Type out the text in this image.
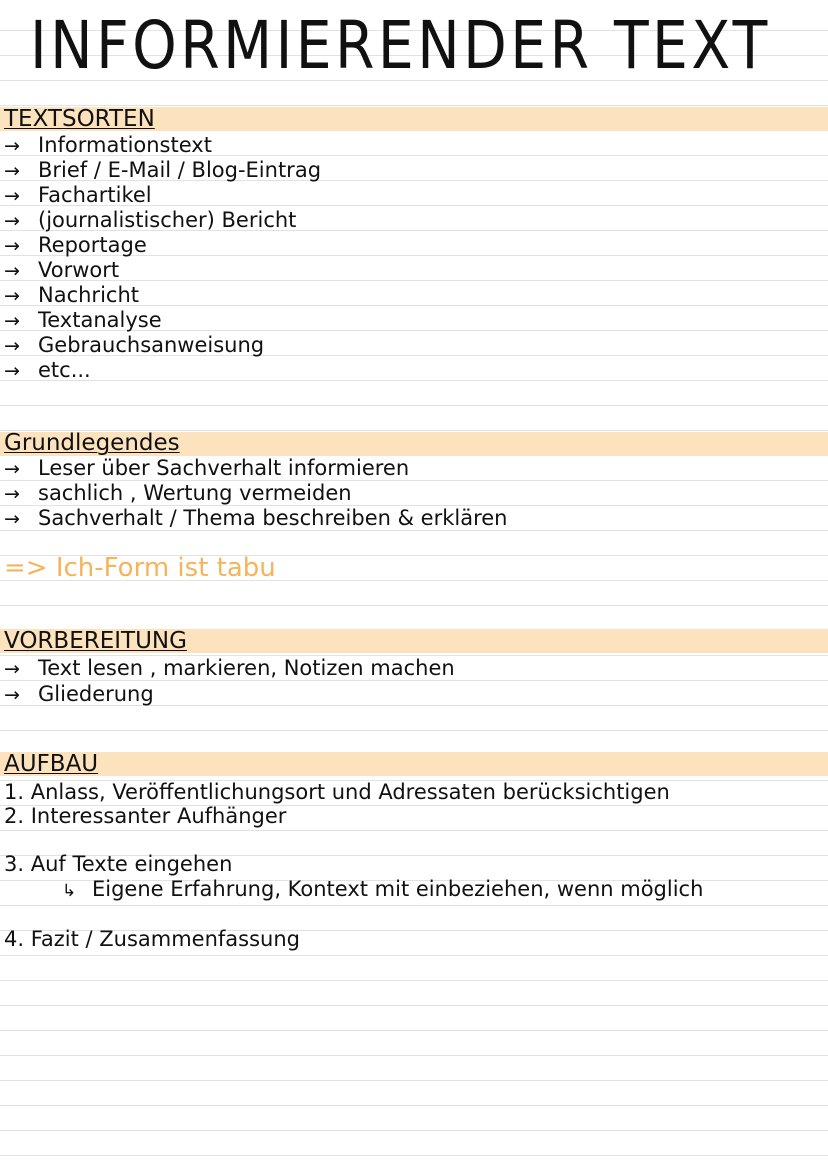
INFORMIERENDER TEXT
TEXTSORTEN
→ Informationstext
→ Brief / E-Mail / Blog-Eintrag
→ Fachartikel
→ (journalistischer) Bericht
→ Reportage
→ Vorwort
→ Nachricht
→ Textanalyse
→ Gebrauchsanweisung
→ etc...
Grundlegendes
→ Leser über Sachverhalt informieren
→ sachlich , Wertung vermeiden
→ Sachverhalt / Thema beschreiben & erklären
=> Ich-Form ist tabu
VORBEREITUNG
→ Text lesen , markieren, Notizen machen
→ Gliederung
AUFBAU
1. Anlass, Veröffentlichungsort und Adressaten berücksichtigen
2. Interessanter Aufhänger
3. Auf Texte eingehen
↳ Eigene Erfahrung, Kontext mit einbeziehen, wenn möglich
4. Fazit / Zusammenfassung
